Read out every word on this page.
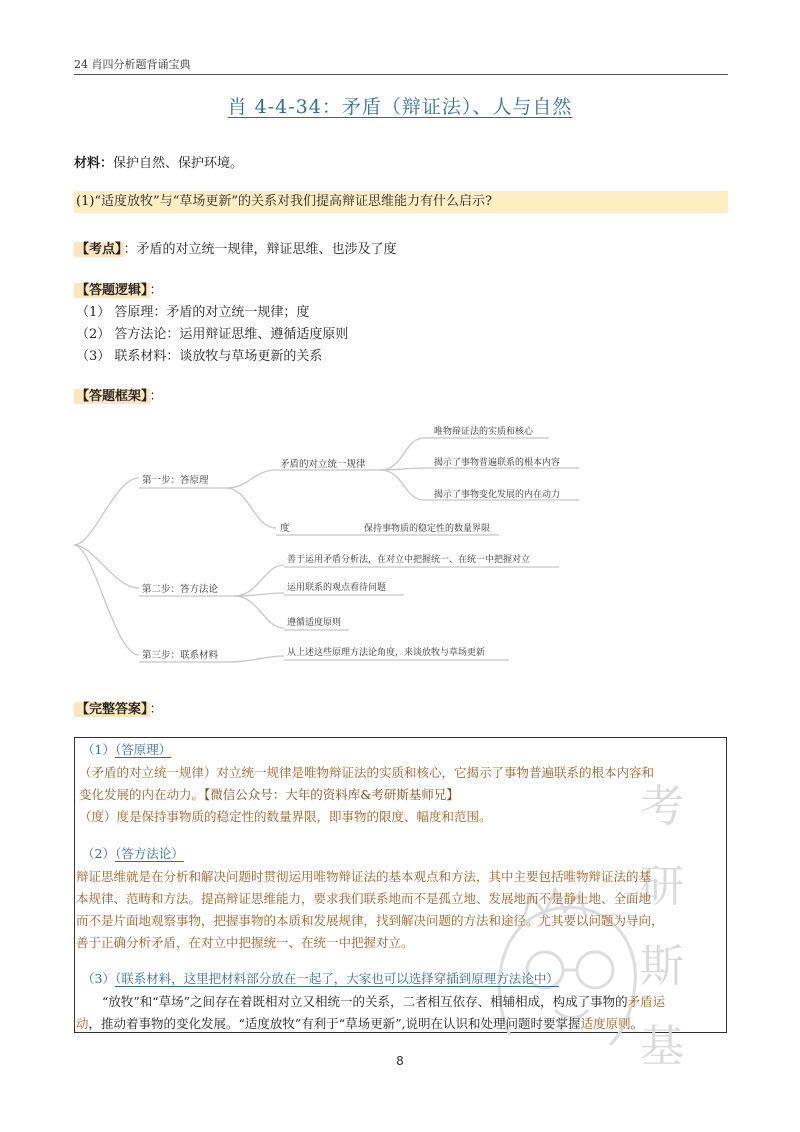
24 肖四分析题背诵宝典
肖 4-4-34：矛盾（辩证法）、人与自然
材料：保护自然、保护环境。
(1)“适度放牧”与“草场更新”的关系对我们提高辩证思维能力有什么启示?
【考点】 ：矛盾的对立统一规律，辩证思维、也涉及了度
【答题逻辑】 ：
（1） 答原理：矛盾的对立统一规律；度
（2） 答方法论：运用辩证思维、遵循适度原则
（3） 联系材料：谈放牧与草场更新的关系
【答题框架】 ：
第一步：答原理
第二步：答方法论
第三步：联系材料
矛盾的对立统一规律
度
唯物辩证法的实质和核心
揭示了事物普遍联系的根本内容
揭示了事物变化发展的内在动力
保持事物质的稳定性的数量界限
善于运用矛盾分析法，在对立中把握统一、在统一中把握对立
运用联系的观点看待问题
遵循适度原则
从上述这些原理方法论角度，来谈放牧与草场更新
【完整答案】 ：
考
研
斯
基
（1）（答原理）
（矛盾的对立统一规律）对立统一规律是唯物辩证法的实质和核心，它揭示了事物普遍联系的根本内容和
变化发展的内在动力。【微信公众号：大年的资料库&考研斯基师兄】
（度）度是保持事物质的稳定性的数量界限，即事物的限度、幅度和范围。
（2）（答方法论）
辩证思维就是在分析和解决问题时贯彻运用唯物辩证法的基本观点和方法，其中主要包括唯物辩证法的基
本规律、范畴和方法。提高辩证思维能力，要求我们联系地而不是孤立地、发展地而不是静止地、全面地
而不是片面地观察事物，把握事物的本质和发展规律，找到解决问题的方法和途径。尤其要以问题为导向，
善于正确分析矛盾，在对立中把握统一、在统一中把握对立。
（3）（联系材料，这里把材料部分放在一起了，大家也可以选择穿插到原理方法论中）
“放牧”和“草场”之间存在着既相对立又相统一的关系，二者相互依存、相辅相成，构成了事物的矛盾运
动，推动着事物的变化发展。“适度放牧”有利于“草场更新”,说明在认识和处理问题时要掌握适度原则。
8
